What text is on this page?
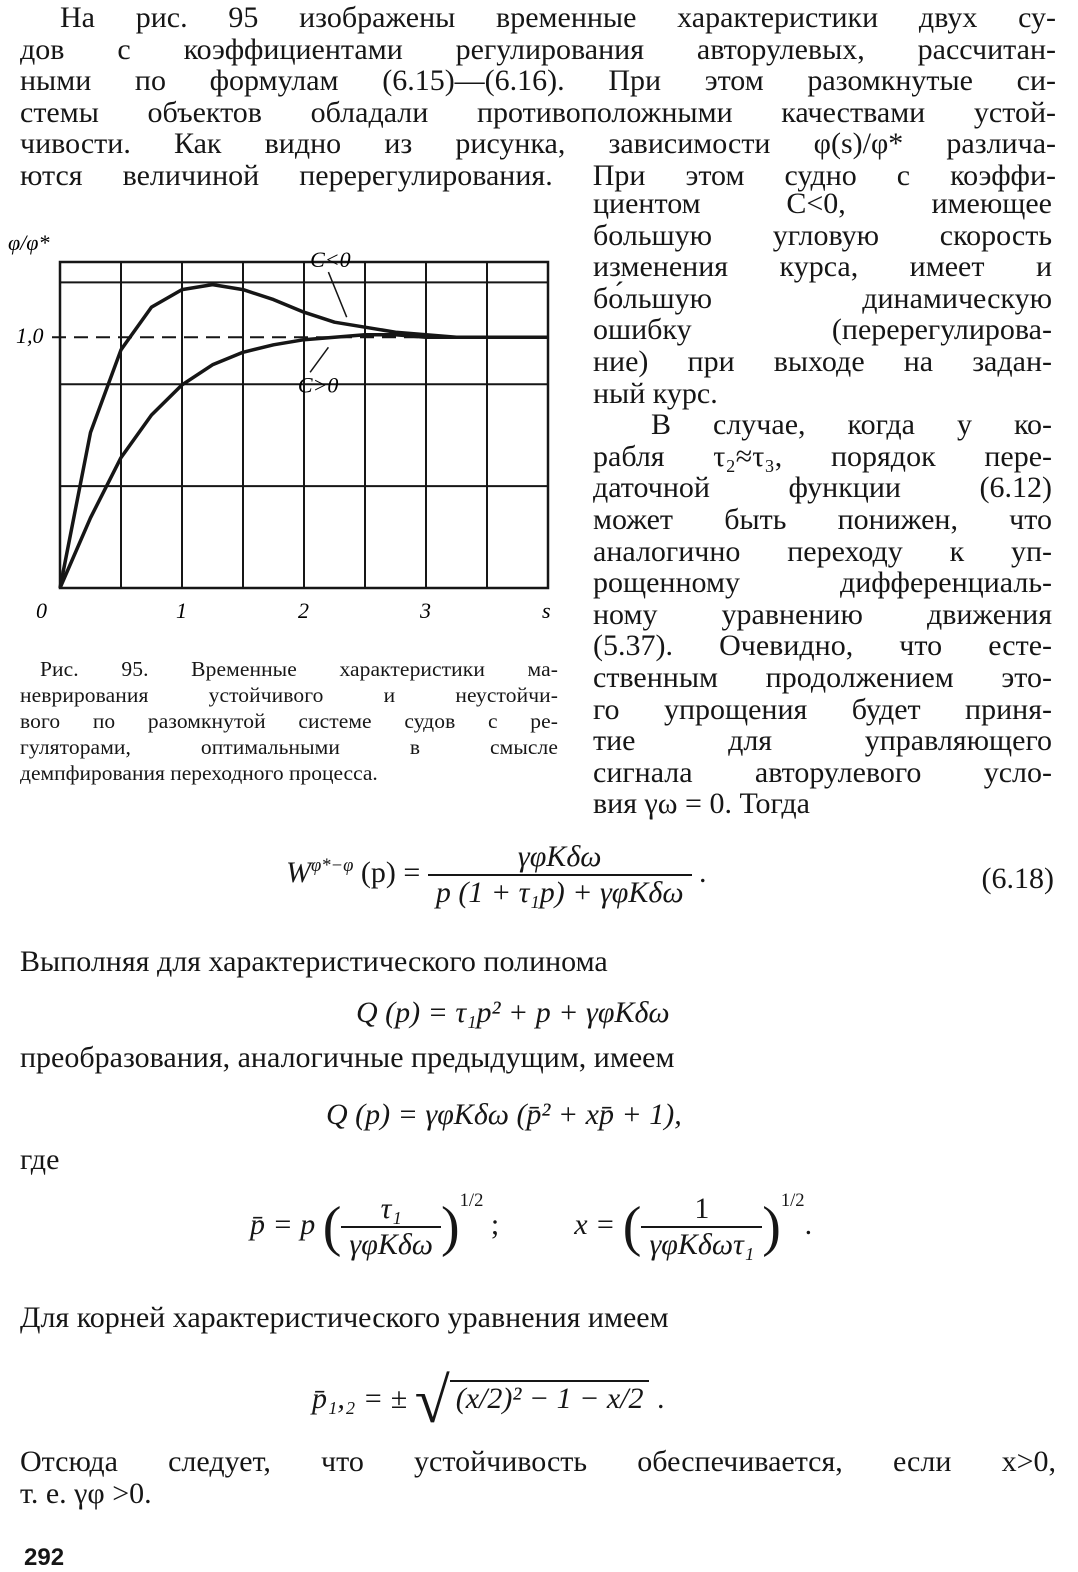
На рис. 95 изображены временные характеристики двух су-
дов с коэффициентами регулирования авторулевых, рассчитан-
ными по формулам (6.15)—(6.16). При этом разомкнутые си-
стемы объектов обладали противоположными качествами устой-
чивости. Как видно из рисунка, зависимости φ(s)/φ* различа-
ются величиной перерегулирования. При этом судно с коэффи-
циентом C<0, имеющее
большую угловую скорость
изменения курса, имеет и
бо́льшую динамическую
ошибку (перерегулирова-
ние) при выходе на задан-
ный курс.
В случае, когда у ко-
рабля τ₂≈τ₃, порядок пере-
даточной функции (6.12)
может быть понижен, что
аналогично переходу к уп-
рощенному дифференциаль-
ному уравнению движения
(5.37). Очевидно, что есте-
ственным продолжением это-
го упрощения будет приня-
тие для управляющего
сигнала авторулевого усло-
вия γω = 0. Тогда
C<0
C>0
φ/φ*
1,0
0	1	2	3	s
Рис. 95. Временные характеристики ма-
неврирования устойчивого и неустойчи-
вого по разомкнутой системе судов с ре-
гуляторами, оптимальными в смысле
демпфирования переходного процесса.
$W^{\varphi*-\varphi}$ $(p) = \frac{\text{γφKδω}}{\text{p (1 + τ₁p) + γφKδω}}$ .	(6.18)
Выполняя для характеристического полинома
Q (p) = τ₁p² + p + γφKδω
преобразования, аналогичные предыдущим, имеем
Q (p) = γφKδω (p̄² + xp̄ + 1),
где
p̄ = p ( $\frac{\text{τ₁}}{\text{γφKδω}} )^{1/2}$ ;	x = ( $\frac{1}{\text{γφKδωτ₁}} )^{1/2}$.
Для корней характеристического уравнения имеем
p̄₁,₂ = ± √ (x/2)² − 1 − x/2 .
Отсюда следует, что устойчивость обеспечивается, если x>0,
т. е. γφ >0.
292
